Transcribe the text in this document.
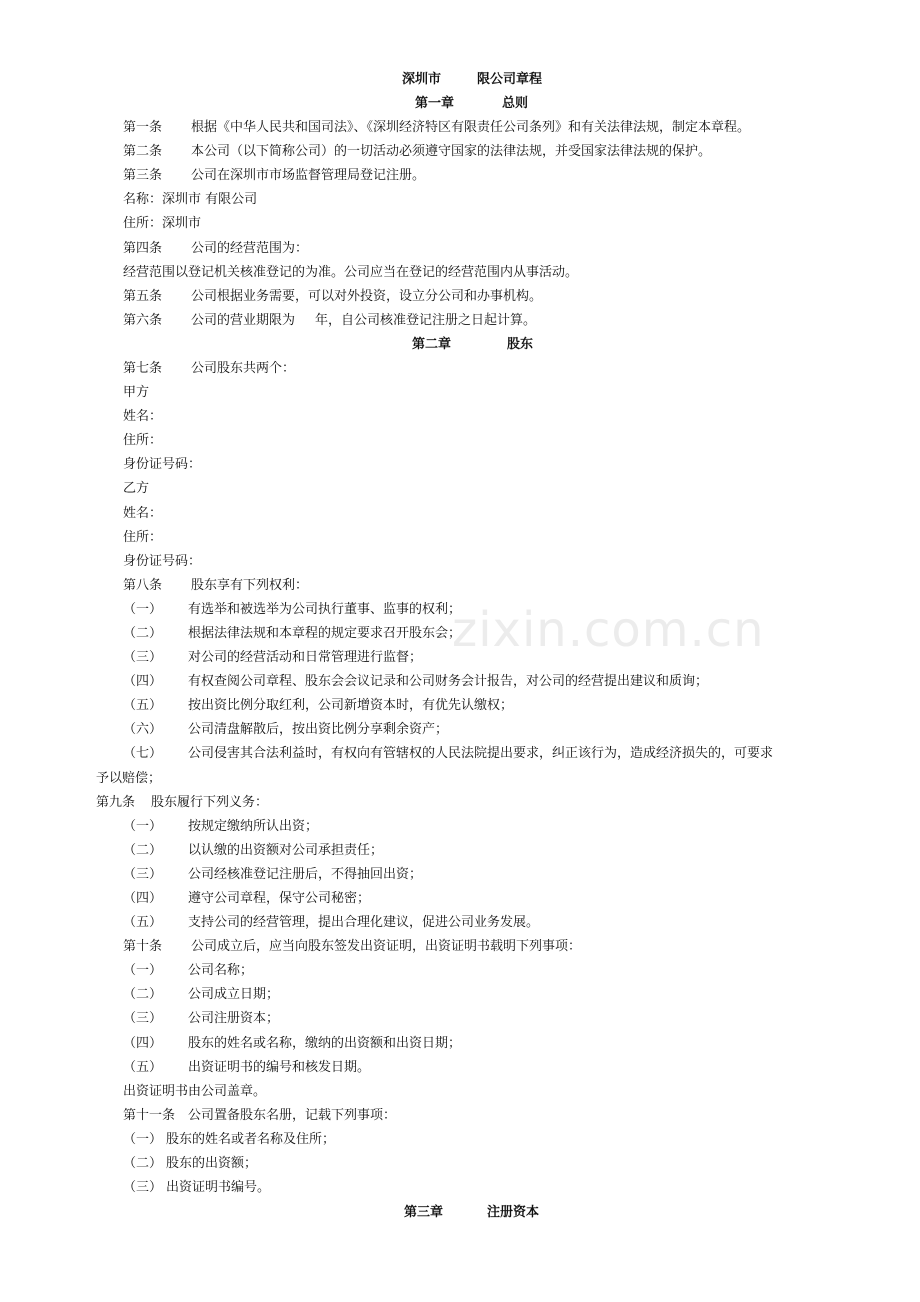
zixin.com.cn
深圳市	限公司章程
第一章	总则
第一条 根据《中华人民共和国司法》、《深圳经济特区有限责任公司条列》和有关法律法规，制定本章程。
第二条 本公司（以下简称公司）的一切活动必须遵守国家的法律法规，并受国家法律法规的保护。
第三条 公司在深圳市市场监督管理局登记注册。
名称：深圳市 有限公司
住所：深圳市
第四条 公司的经营范围为：
经营范围以登记机关核准登记的为准。公司应当在登记的经营范围内从事活动。
第五条 公司根据业务需要，可以对外投资，设立分公司和办事机构。
第六条 公司的营业期限为 年，自公司核准登记注册之日起计算。
第二章	股东
第七条 公司股东共两个：
甲方
姓名：
住所：
身份证号码：
乙方
姓名：
住所：
身份证号码：
第八条 股东享有下列权利：
（一） 有选举和被选举为公司执行董事、监事的权利；
（二） 根据法律法规和本章程的规定要求召开股东会；
（三） 对公司的经营活动和日常管理进行监督；
（四） 有权查阅公司章程、股东会会议记录和公司财务会计报告，对公司的经营提出建议和质询；
（五） 按出资比例分取红利，公司新增资本时，有优先认缴权；
（六） 公司清盘解散后，按出资比例分享剩余资产；
（七） 公司侵害其合法利益时，有权向有管辖权的人民法院提出要求，纠正该行为，造成经济损失的，可要求
予以赔偿；
第九条 股东履行下列义务：
（一） 按规定缴纳所认出资；
（二） 以认缴的出资额对公司承担责任；
（三） 公司经核准登记注册后，不得抽回出资；
（四） 遵守公司章程，保守公司秘密；
（五） 支持公司的经营管理，提出合理化建议，促进公司业务发展。
第十条 公司成立后，应当向股东签发出资证明，出资证明书载明下列事项：
（一） 公司名称；
（二） 公司成立日期；
（三） 公司注册资本；
（四） 股东的姓名或名称，缴纳的出资额和出资日期；
（五） 出资证明书的编号和核发日期。
出资证明书由公司盖章。
第十一条 公司置备股东名册，记载下列事项：
（一） 股东的姓名或者名称及住所；
（二） 股东的出资额；
（三） 出资证明书编号。
第三章	注册资本
